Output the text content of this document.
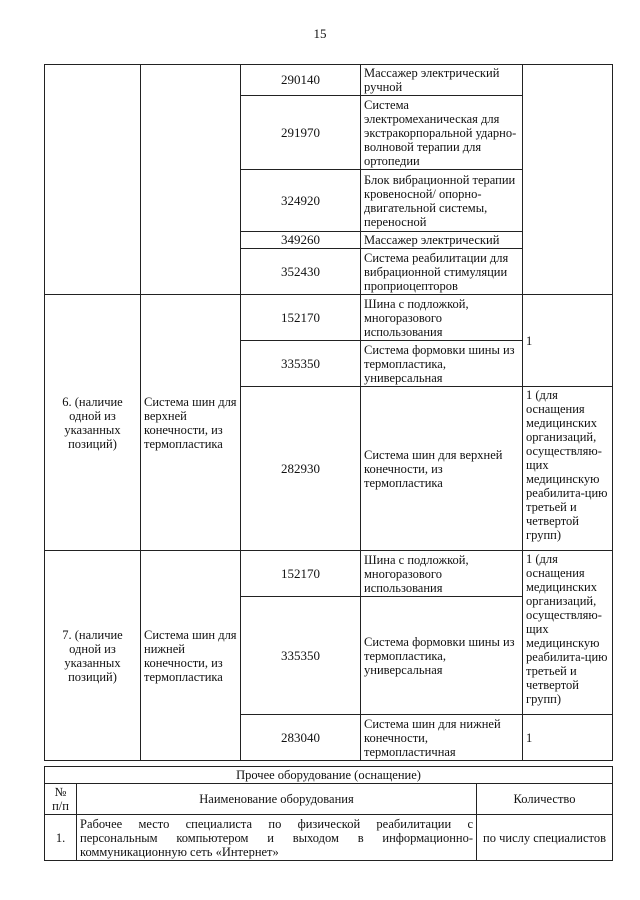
15
		290140	Массажер электрический ручной	
		291970	Система электромеханическая для экстракорпоральной ударно-волновой терапии для ортопедии	
		324920	Блок вибрационной терапии кровеносной/ опорно-двигательной системы, переносной	
		349260	Массажер электрический	
		352430	Система реабилитации для вибрационной стимуляции проприоцепторов	
6. (наличие одной из указанных позиций)	Система шин для верхней конечности, из термопластика	152170	Шина с подложкой, многоразового использования	1
		335350	Система формовки шины из термопластика, универсальная	
		282930	Система шин для верхней конечности, из термопластика	1 (для оснащения медицинских организаций, осуществляю-щих медицинскую реабилита-цию третьей и четвертой групп)
7. (наличие одной из указанных позиций)	Система шин для нижней конечности, из термопластика	152170	Шина с подложкой, многоразового использования	1 (для оснащения медицинских организаций, осуществляю-щих медицинскую реабилита-цию третьей и четвертой групп)
		335350	Система формовки шины из термопластика, универсальная	
		283040	Система шин для нижней конечности, термопластичная	1
Прочее оборудование (оснащение)		
№ п/п	Наименование оборудования	Количество
1.	Рабочее место специалиста по физической реабилитации с персональным компьютером и выходом в информационно-коммуникационную сеть «Интернет»	по числу специалистов
